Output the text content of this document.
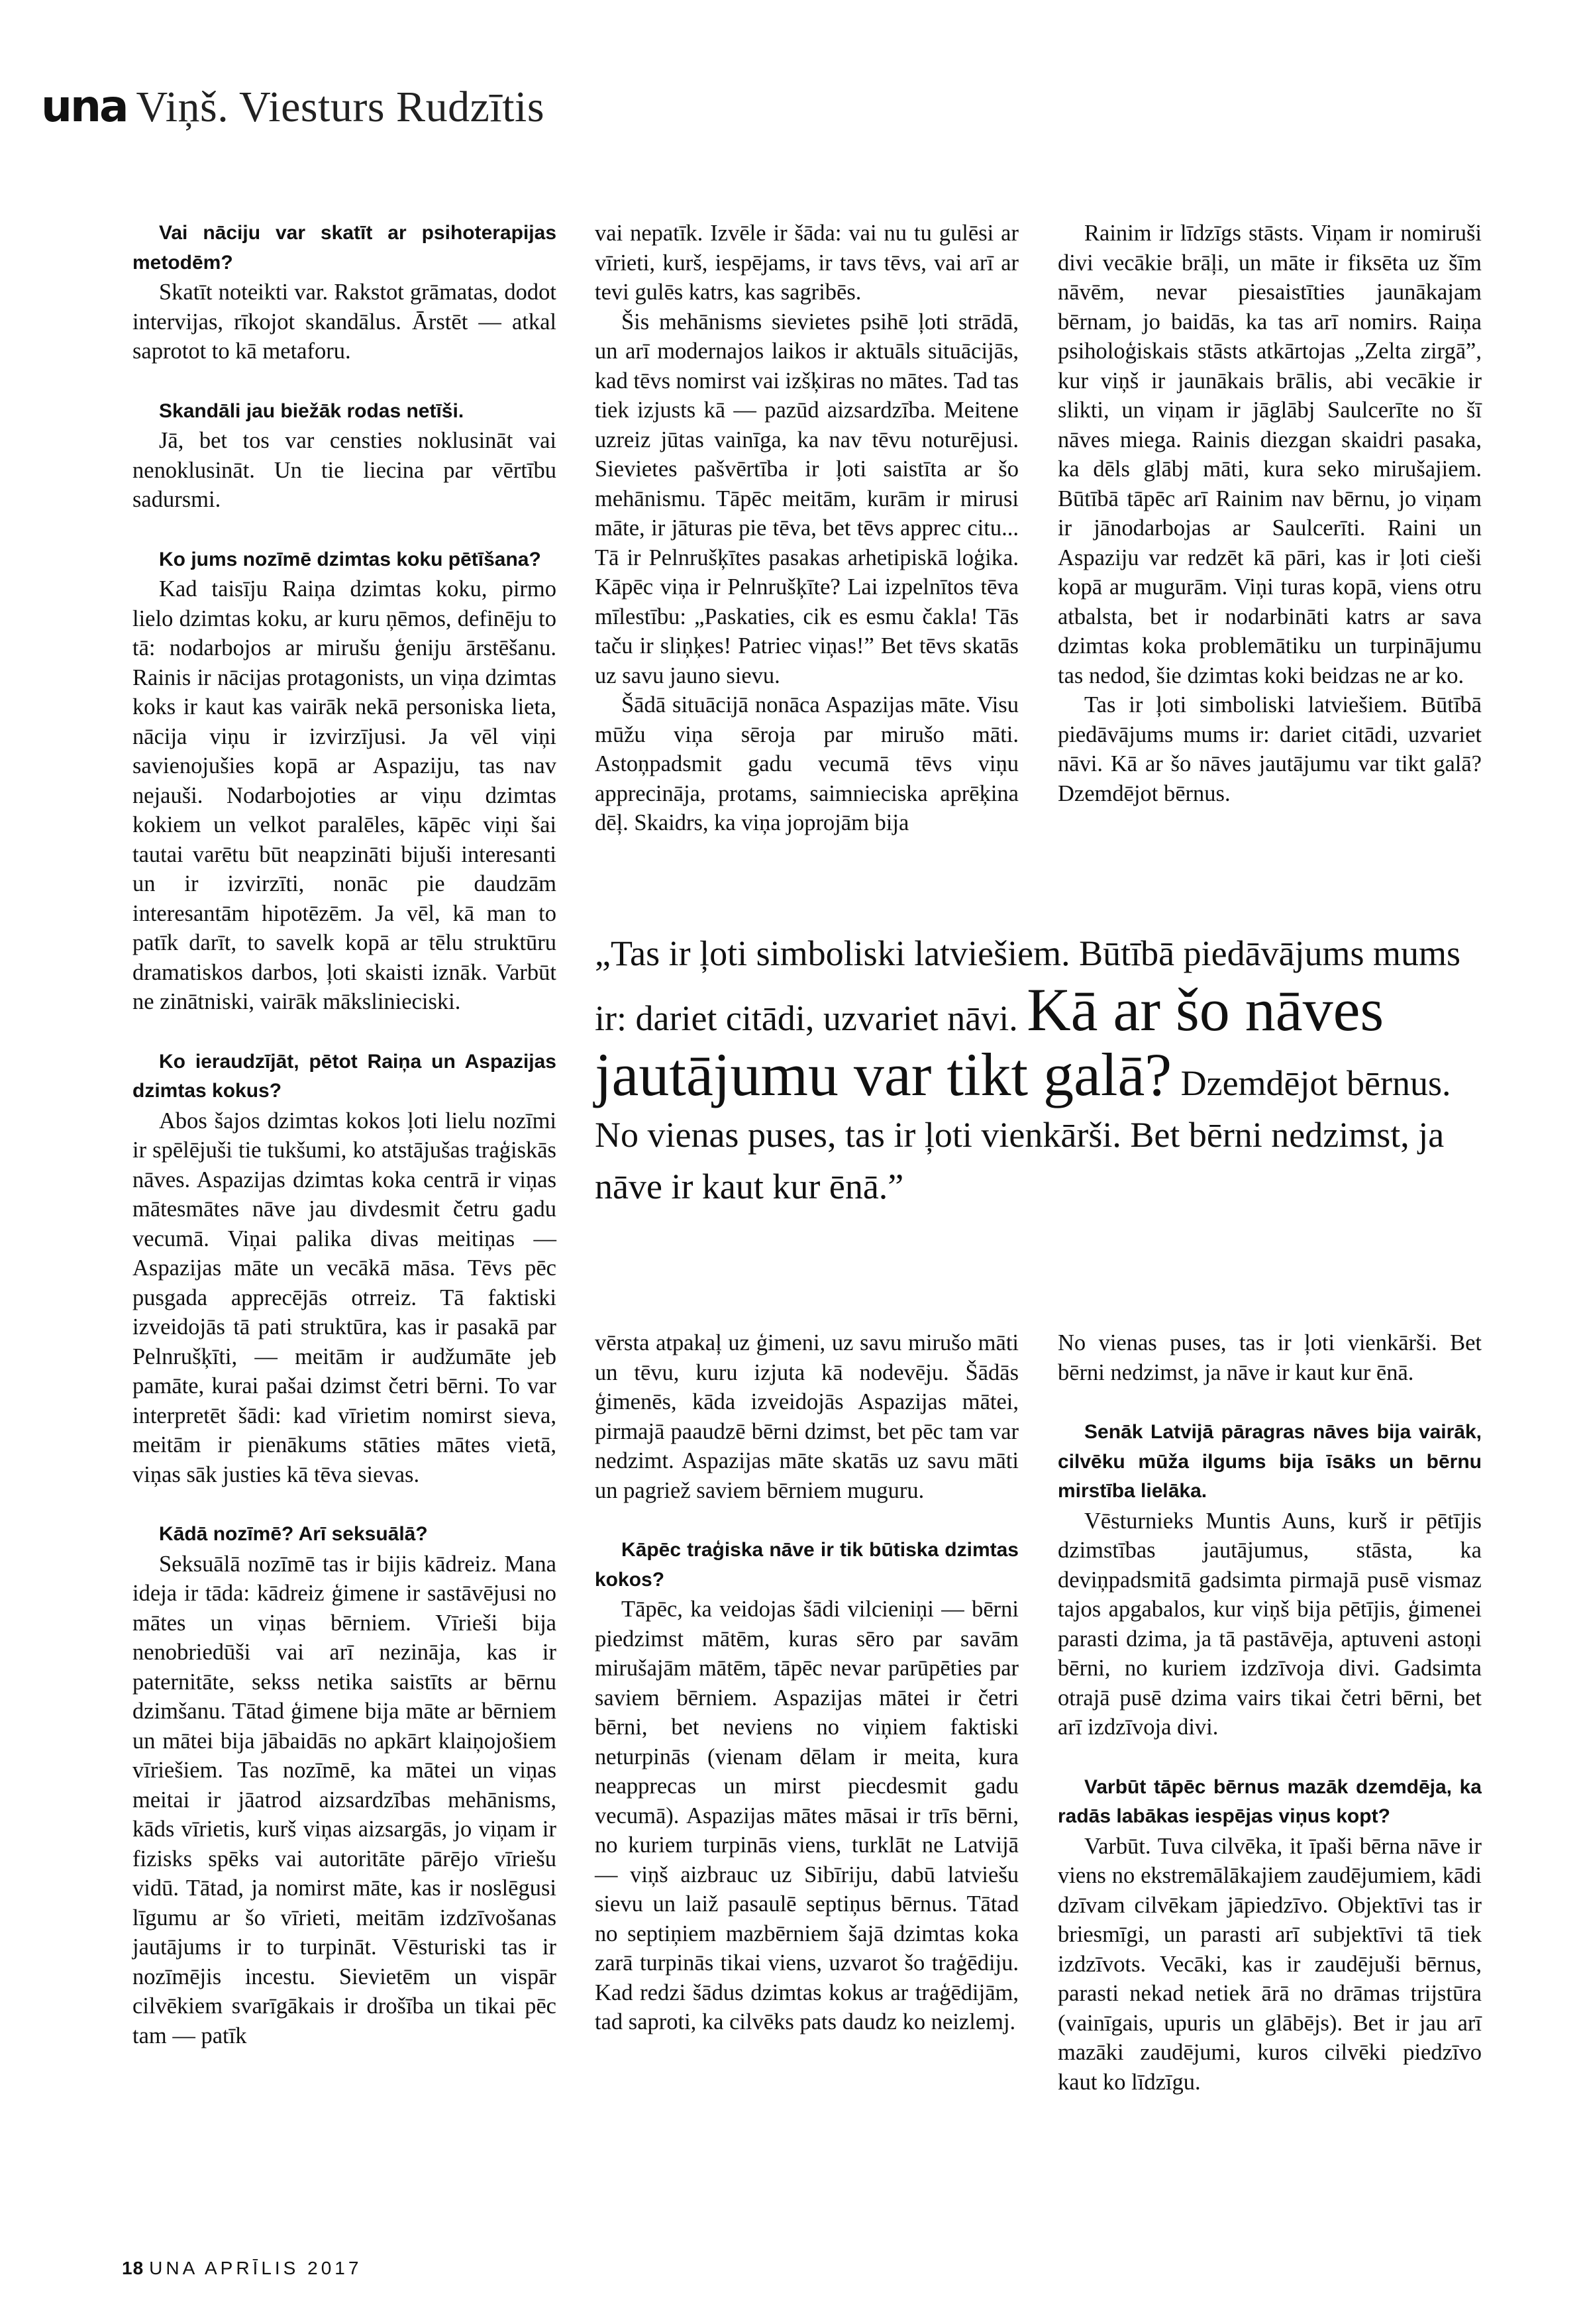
una Viņš. Viesturs Rudzītis

Vai nāciju var skatīt ar psihoterapijas metodēm?

Skatīt noteikti var. Rakstot grāmatas, dodot intervijas, rīkojot skandālus. Ārstēt — atkal saprotot to kā metaforu.

Skandāli jau biežāk rodas netīši.

Jā, bet tos var censties noklusināt vai nenoklusināt. Un tie liecina par vērtību sadursmi.

Ko jums nozīmē dzimtas koku pētīšana?

Kad taisīju Raiņa dzimtas koku, pirmo lielo dzimtas koku, ar kuru ņēmos, definēju to tā: nodarbojos ar mirušu ģeniju ārstēšanu. Rainis ir nācijas protagonists, un viņa dzimtas koks ir kaut kas vairāk nekā personiska lieta, nācija viņu ir izvirzījusi. Ja vēl viņi savienojušies kopā ar Aspaziju, tas nav nejauši. Nodarbojoties ar viņu dzimtas kokiem un velkot paralēles, kāpēc viņi šai tautai varētu būt neapzināti bijuši interesanti un ir izvirzīti, nonāc pie daudzām interesantām hipotēzēm. Ja vēl, kā man to patīk darīt, to savelk kopā ar tēlu struktūru dramatiskos darbos, ļoti skaisti iznāk. Varbūt ne zinātniski, vairāk mākslinieciski.

Ko ieraudzījāt, pētot Raiņa un Aspazijas dzimtas kokus?

Abos šajos dzimtas kokos ļoti lielu nozīmi ir spēlējuši tie tukšumi, ko atstājušas traģiskās nāves. Aspazijas dzimtas koka centrā ir viņas mātesmātes nāve jau divdesmit četru gadu vecumā. Viņai palika divas meitiņas — Aspazijas māte un vecākā māsa. Tēvs pēc pusgada apprecējās otrreiz. Tā faktiski izveidojās tā pati struktūra, kas ir pasakā par Pelnrušķīti, — meitām ir audžumāte jeb pamāte, kurai pašai dzimst četri bērni. To var interpretēt šādi: kad vīrietim nomirst sieva, meitām ir pienākums stāties mātes vietā, viņas sāk justies kā tēva sievas.

Kādā nozīmē? Arī seksuālā?

Seksuālā nozīmē tas ir bijis kādreiz. Mana ideja ir tāda: kādreiz ģimene ir sastāvējusi no mātes un viņas bērniem. Vīrieši bija nenobriedūši vai arī nezināja, kas ir paternitāte, sekss netika saistīts ar bērnu dzimšanu. Tātad ģimene bija māte ar bērniem un mātei bija jābaidās no apkārt klaiņojošiem vīriešiem. Tas nozīmē, ka mātei un viņas meitai ir jāatrod aizsardzības mehānisms, kāds vīrietis, kurš viņas aizsargās, jo viņam ir fizisks spēks vai autoritāte pārējo vīriešu vidū. Tātad, ja nomirst māte, kas ir noslēgusi līgumu ar šo vīrieti, meitām izdzīvošanas jautājums ir to turpināt. Vēsturiski tas ir nozīmējis incestu. Sievietēm un vispār cilvēkiem svarīgākais ir drošība un tikai pēc tam — patīk

vai nepatīk. Izvēle ir šāda: vai nu tu gulēsi ar vīrieti, kurš, iespējams, ir tavs tēvs, vai arī ar tevi gulēs katrs, kas sagribēs.

Šis mehānisms sievietes psihē ļoti strādā, un arī modernajos laikos ir aktuāls situācijās, kad tēvs nomirst vai izšķiras no mātes. Tad tas tiek izjusts kā — pazūd aizsardzība. Meitene uzreiz jūtas vainīga, ka nav tēvu noturējusi. Sievietes pašvērtība ir ļoti saistīta ar šo mehānismu. Tāpēc meitām, kurām ir mirusi māte, ir jāturas pie tēva, bet tēvs apprec citu... Tā ir Pelnrušķītes pasakas arhetipiskā loģika. Kāpēc viņa ir Pelnrušķīte? Lai izpelnītos tēva mīlestību: „Paskaties, cik es esmu čakla! Tās taču ir sliņķes! Patriec viņas!” Bet tēvs skatās uz savu jauno sievu.

Šādā situācijā nonāca Aspazijas māte. Visu mūžu viņa sēroja par mirušo māti. Astoņpadsmit gadu vecumā tēvs viņu apprecināja, protams, saimnieciska aprēķina dēļ. Skaidrs, ka viņa joprojām bija

Rainim ir līdzīgs stāsts. Viņam ir nomiruši divi vecākie brāļi, un māte ir fiksēta uz šīm nāvēm, nevar piesaistīties jaunākajam bērnam, jo baidās, ka tas arī nomirs. Raiņa psiholoģiskais stāsts atkārtojas „Zelta zirgā”, kur viņš ir jaunākais brālis, abi vecākie ir slikti, un viņam ir jāglābj Saulcerīte no šī nāves miega. Rainis diezgan skaidri pasaka, ka dēls glābj māti, kura seko mirušajiem. Būtībā tāpēc arī Rainim nav bērnu, jo viņam ir jānodarbojas ar Saulcerīti. Raini un Aspaziju var redzēt kā pāri, kas ir ļoti cieši kopā ar mugurām. Viņi turas kopā, viens otru atbalsta, bet ir nodarbināti katrs ar sava dzimtas koka problemātiku un turpinājumu tas nedod, šie dzimtas koki beidzas ne ar ko.

Tas ir ļoti simboliski latviešiem. Būtībā piedāvājums mums ir: dariet citādi, uzvariet nāvi. Kā ar šo nāves jautājumu var tikt galā? Dzemdējot bērnus.

„Tas ir ļoti simboliski latviešiem. Būtībā piedāvājums mums ir: dariet citādi, uzvariet nāvi. Kā ar šo nāves jautājumu var tikt galā? Dzemdējot bērnus. No vienas puses, tas ir ļoti vienkārši. Bet bērni nedzimst, ja nāve ir kaut kur ēnā.”

vērsta atpakaļ uz ģimeni, uz savu mirušo māti un tēvu, kuru izjuta kā nodevēju. Šādās ģimenēs, kāda izveidojās Aspazijas mātei, pirmajā paaudzē bērni dzimst, bet pēc tam var nedzimt. Aspazijas māte skatās uz savu māti un pagriež saviem bērniem muguru.

Kāpēc traģiska nāve ir tik būtiska dzimtas kokos?

Tāpēc, ka veidojas šādi vilcieniņi — bērni piedzimst mātēm, kuras sēro par savām mirušajām mātēm, tāpēc nevar parūpēties par saviem bērniem. Aspazijas mātei ir četri bērni, bet neviens no viņiem faktiski neturpinās (vienam dēlam ir meita, kura neapprecas un mirst piecdesmit gadu vecumā). Aspazijas mātes māsai ir trīs bērni, no kuriem turpinās viens, turklāt ne Latvijā — viņš aizbrauc uz Sibīriju, dabū latviešu sievu un laiž pasaulē septiņus bērnus. Tātad no septiņiem mazbērniem šajā dzimtas koka zarā turpinās tikai viens, uzvarot šo traģēdiju. Kad redzi šādus dzimtas kokus ar traģēdijām, tad saproti, ka cilvēks pats daudz ko neizlemj.

No vienas puses, tas ir ļoti vienkārši. Bet bērni nedzimst, ja nāve ir kaut kur ēnā.

Senāk Latvijā pāragras nāves bija vairāk, cilvēku mūža ilgums bija īsāks un bērnu mirstība lielāka.

Vēsturnieks Muntis Auns, kurš ir pētījis dzimstības jautājumus, stāsta, ka deviņpadsmitā gadsimta pirmajā pusē vismaz tajos apgabalos, kur viņš bija pētījis, ģimenei parasti dzima, ja tā pastāvēja, aptuveni astoņi bērni, no kuriem izdzīvoja divi. Gadsimta otrajā pusē dzima vairs tikai četri bērni, bet arī izdzīvoja divi.

Varbūt tāpēc bērnus mazāk dzemdēja, ka radās labākas iespējas viņus kopt?

Varbūt. Tuva cilvēka, it īpaši bērna nāve ir viens no ekstremālākajiem zaudējumiem, kādi dzīvam cilvēkam jāpiedzīvo. Objektīvi tas ir briesmīgi, un parasti arī subjektīvi tā tiek izdzīvots. Vecāki, kas ir zaudējuši bērnus, parasti nekad netiek ārā no drāmas trijstūra (vainīgais, upuris un glābējs). Bet ir jau arī mazāki zaudējumi, kuros cilvēki piedzīvo kaut ko līdzīgu.

18 UNA APRĪLIS 2017
